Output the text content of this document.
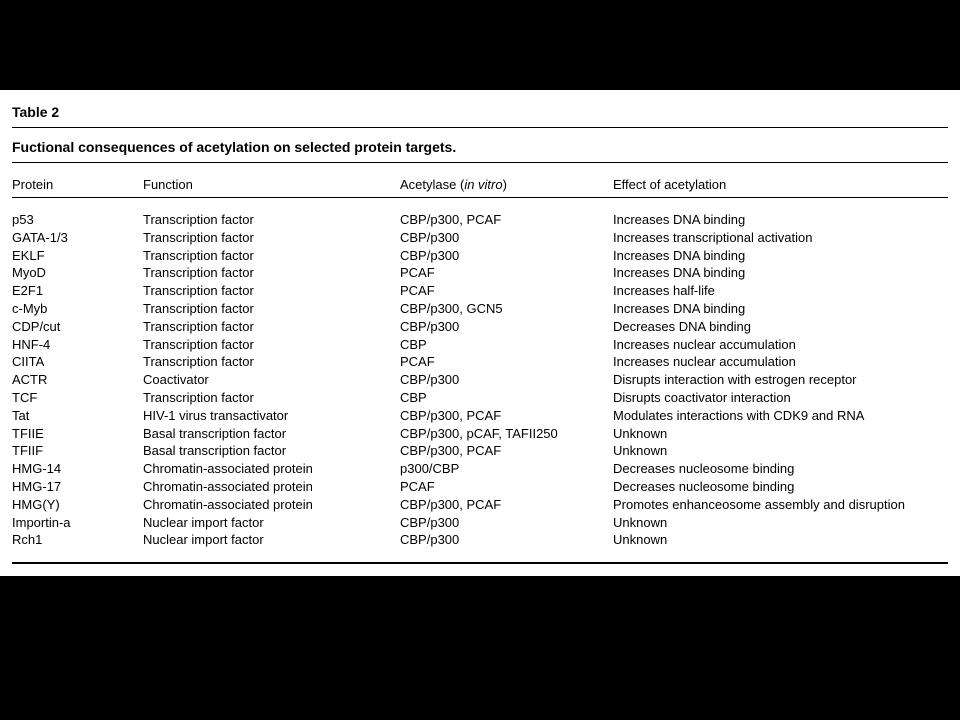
Table 2
Fuctional consequences of acetylation on selected protein targets.
Protein	Function	Acetylase (in vitro)	Effect of acetylation
p53	Transcription factor	CBP/p300, PCAF	Increases DNA binding
GATA-1/3	Transcription factor	CBP/p300	Increases transcriptional activation
EKLF	Transcription factor	CBP/p300	Increases DNA binding
MyoD	Transcription factor	PCAF	Increases DNA binding
E2F1	Transcription factor	PCAF	Increases half-life
c-Myb	Transcription factor	CBP/p300, GCN5	Increases DNA binding
CDP/cut	Transcription factor	CBP/p300	Decreases DNA binding
HNF-4	Transcription factor	CBP	Increases nuclear accumulation
CIITA	Transcription factor	PCAF	Increases nuclear accumulation
ACTR	Coactivator	CBP/p300	Disrupts interaction with estrogen receptor
TCF	Transcription factor	CBP	Disrupts coactivator interaction
Tat	HIV-1 virus transactivator	CBP/p300, PCAF	Modulates interactions with CDK9 and RNA
TFIIE	Basal transcription factor	CBP/p300, pCAF, TAFII250	Unknown
TFIIF	Basal transcription factor	CBP/p300, PCAF	Unknown
HMG-14	Chromatin-associated protein	p300/CBP	Decreases nucleosome binding
HMG-17	Chromatin-associated protein	PCAF	Decreases nucleosome binding
HMG(Y)	Chromatin-associated protein	CBP/p300, PCAF	Promotes enhanceosome assembly and disruption
Importin-a	Nuclear import factor	CBP/p300	Unknown
Rch1	Nuclear import factor	CBP/p300	Unknown
